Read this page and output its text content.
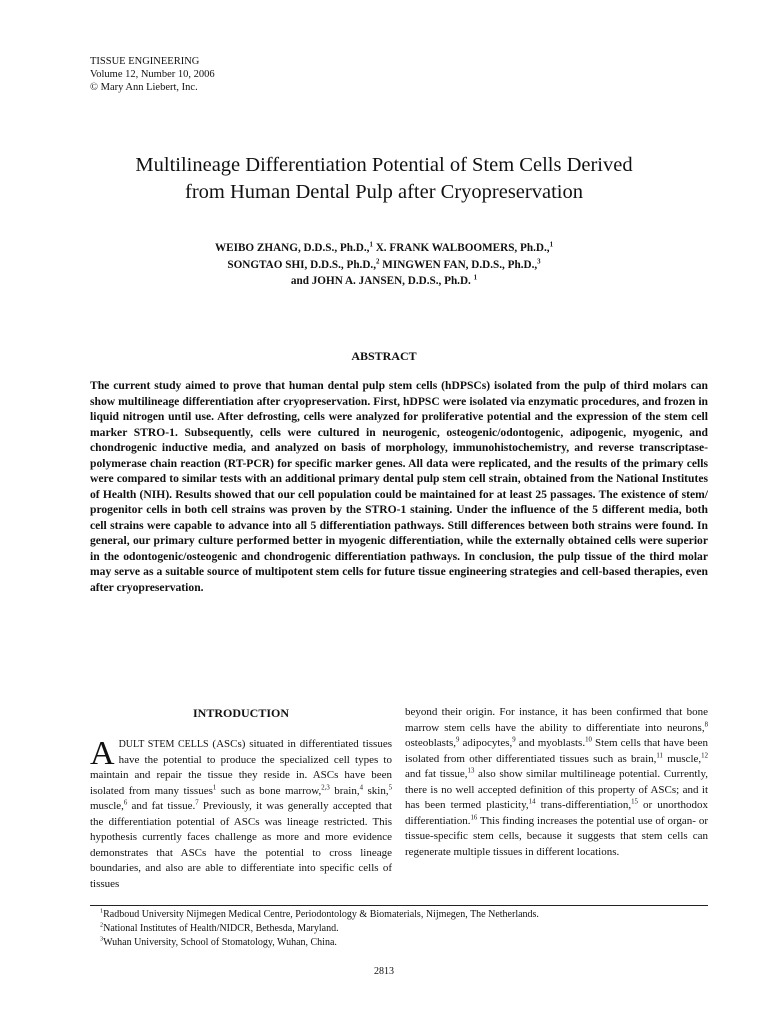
TISSUE ENGINEERING
Volume 12, Number 10, 2006
© Mary Ann Liebert, Inc.
Multilineage Differentiation Potential of Stem Cells Derived
from Human Dental Pulp after Cryopreservation
WEIBO ZHANG, D.D.S., Ph.D.,$^1$ X. FRANK WALBOOMERS, Ph.D.,$^1$
SONGTAO SHI, D.D.S., Ph.D.,$^2$ MINGWEN FAN, D.D.S., Ph.D.,$^3$
and JOHN A. JANSEN, D.D.S., Ph.D. $^1$
ABSTRACT
The current study aimed to prove that human dental pulp stem cells (hDPSCs) isolated from the pulp of third molars can show multilineage differentiation after cryopreservation. First, hDPSC were isolated via enzymatic procedures, and frozen in liquid nitrogen until use. After defrosting, cells were analyzed for proliferative potential and the expression of the stem cell marker STRO-1. Subsequently, cells were cultured in neurogenic, osteogenic/odontogenic, adipogenic, myogenic, and chondrogenic inductive media, and analyzed on basis of morphology, immunohistochemistry, and reverse transcriptase-polymerase chain reaction (RT-PCR) for specific marker genes. All data were replicated, and the results of the primary cells were compared to similar tests with an additional primary dental pulp stem cell strain, obtained from the National Institutes of Health (NIH). Results showed that our cell population could be maintained for at least 25 passages. The existence of stem/ progenitor cells in both cell strains was proven by the STRO-1 staining. Under the influence of the 5 different media, both cell strains were capable to advance into all 5 differentiation pathways. Still differences between both strains were found. In general, our primary culture performed better in myogenic differentiation, while the externally obtained cells were superior in the odontogenic/osteogenic and chondrogenic differentiation pathways. In conclusion, the pulp tissue of the third molar may serve as a suitable source of multipotent stem cells for future tissue engineering strategies and cell-based therapies, even after cryopreservation.
INTRODUCTION
ADULT STEM CELLS (ASCs) situated in differentiated tissues have the potential to produce the specialized cell types to maintain and repair the tissue they reside in. ASCs have been isolated from many tissues$^1$ such as bone marrow,$^{2,3}$ brain,$^4$ skin,$^5$ muscle,$^6$ and fat tissue.$^7$ Previously, it was generally accepted that the differentiation potential of ASCs was lineage restricted. This hypothesis currently faces challenge as more and more evidence demonstrates that ASCs have the potential to cross lineage boundaries, and also are able to differentiate into specific cells of tissues
beyond their origin. For instance, it has been confirmed that bone marrow stem cells have the ability to differentiate into neurons,$^8$ osteoblasts,$^9$ adipocytes,$^9$ and myoblasts.$^{10}$ Stem cells that have been isolated from other differentiated tissues such as brain,$^{11}$ muscle,$^{12}$ and fat tissue,$^{13}$ also show similar multilineage potential. Currently, there is no well accepted definition of this property of ASCs; and it has been termed plasticity,$^{14}$ trans-differentiation,$^{15}$ or unorthodox differentiation.$^{16}$ This finding increases the potential use of organ- or tissue-specific stem cells, because it suggests that stem cells can regenerate multiple tissues in different locations.
$^1$Radboud University Nijmegen Medical Centre, Periodontology & Biomaterials, Nijmegen, The Netherlands.
$^2$National Institutes of Health/NIDCR, Bethesda, Maryland.
$^3$Wuhan University, School of Stomatology, Wuhan, China.
2813
